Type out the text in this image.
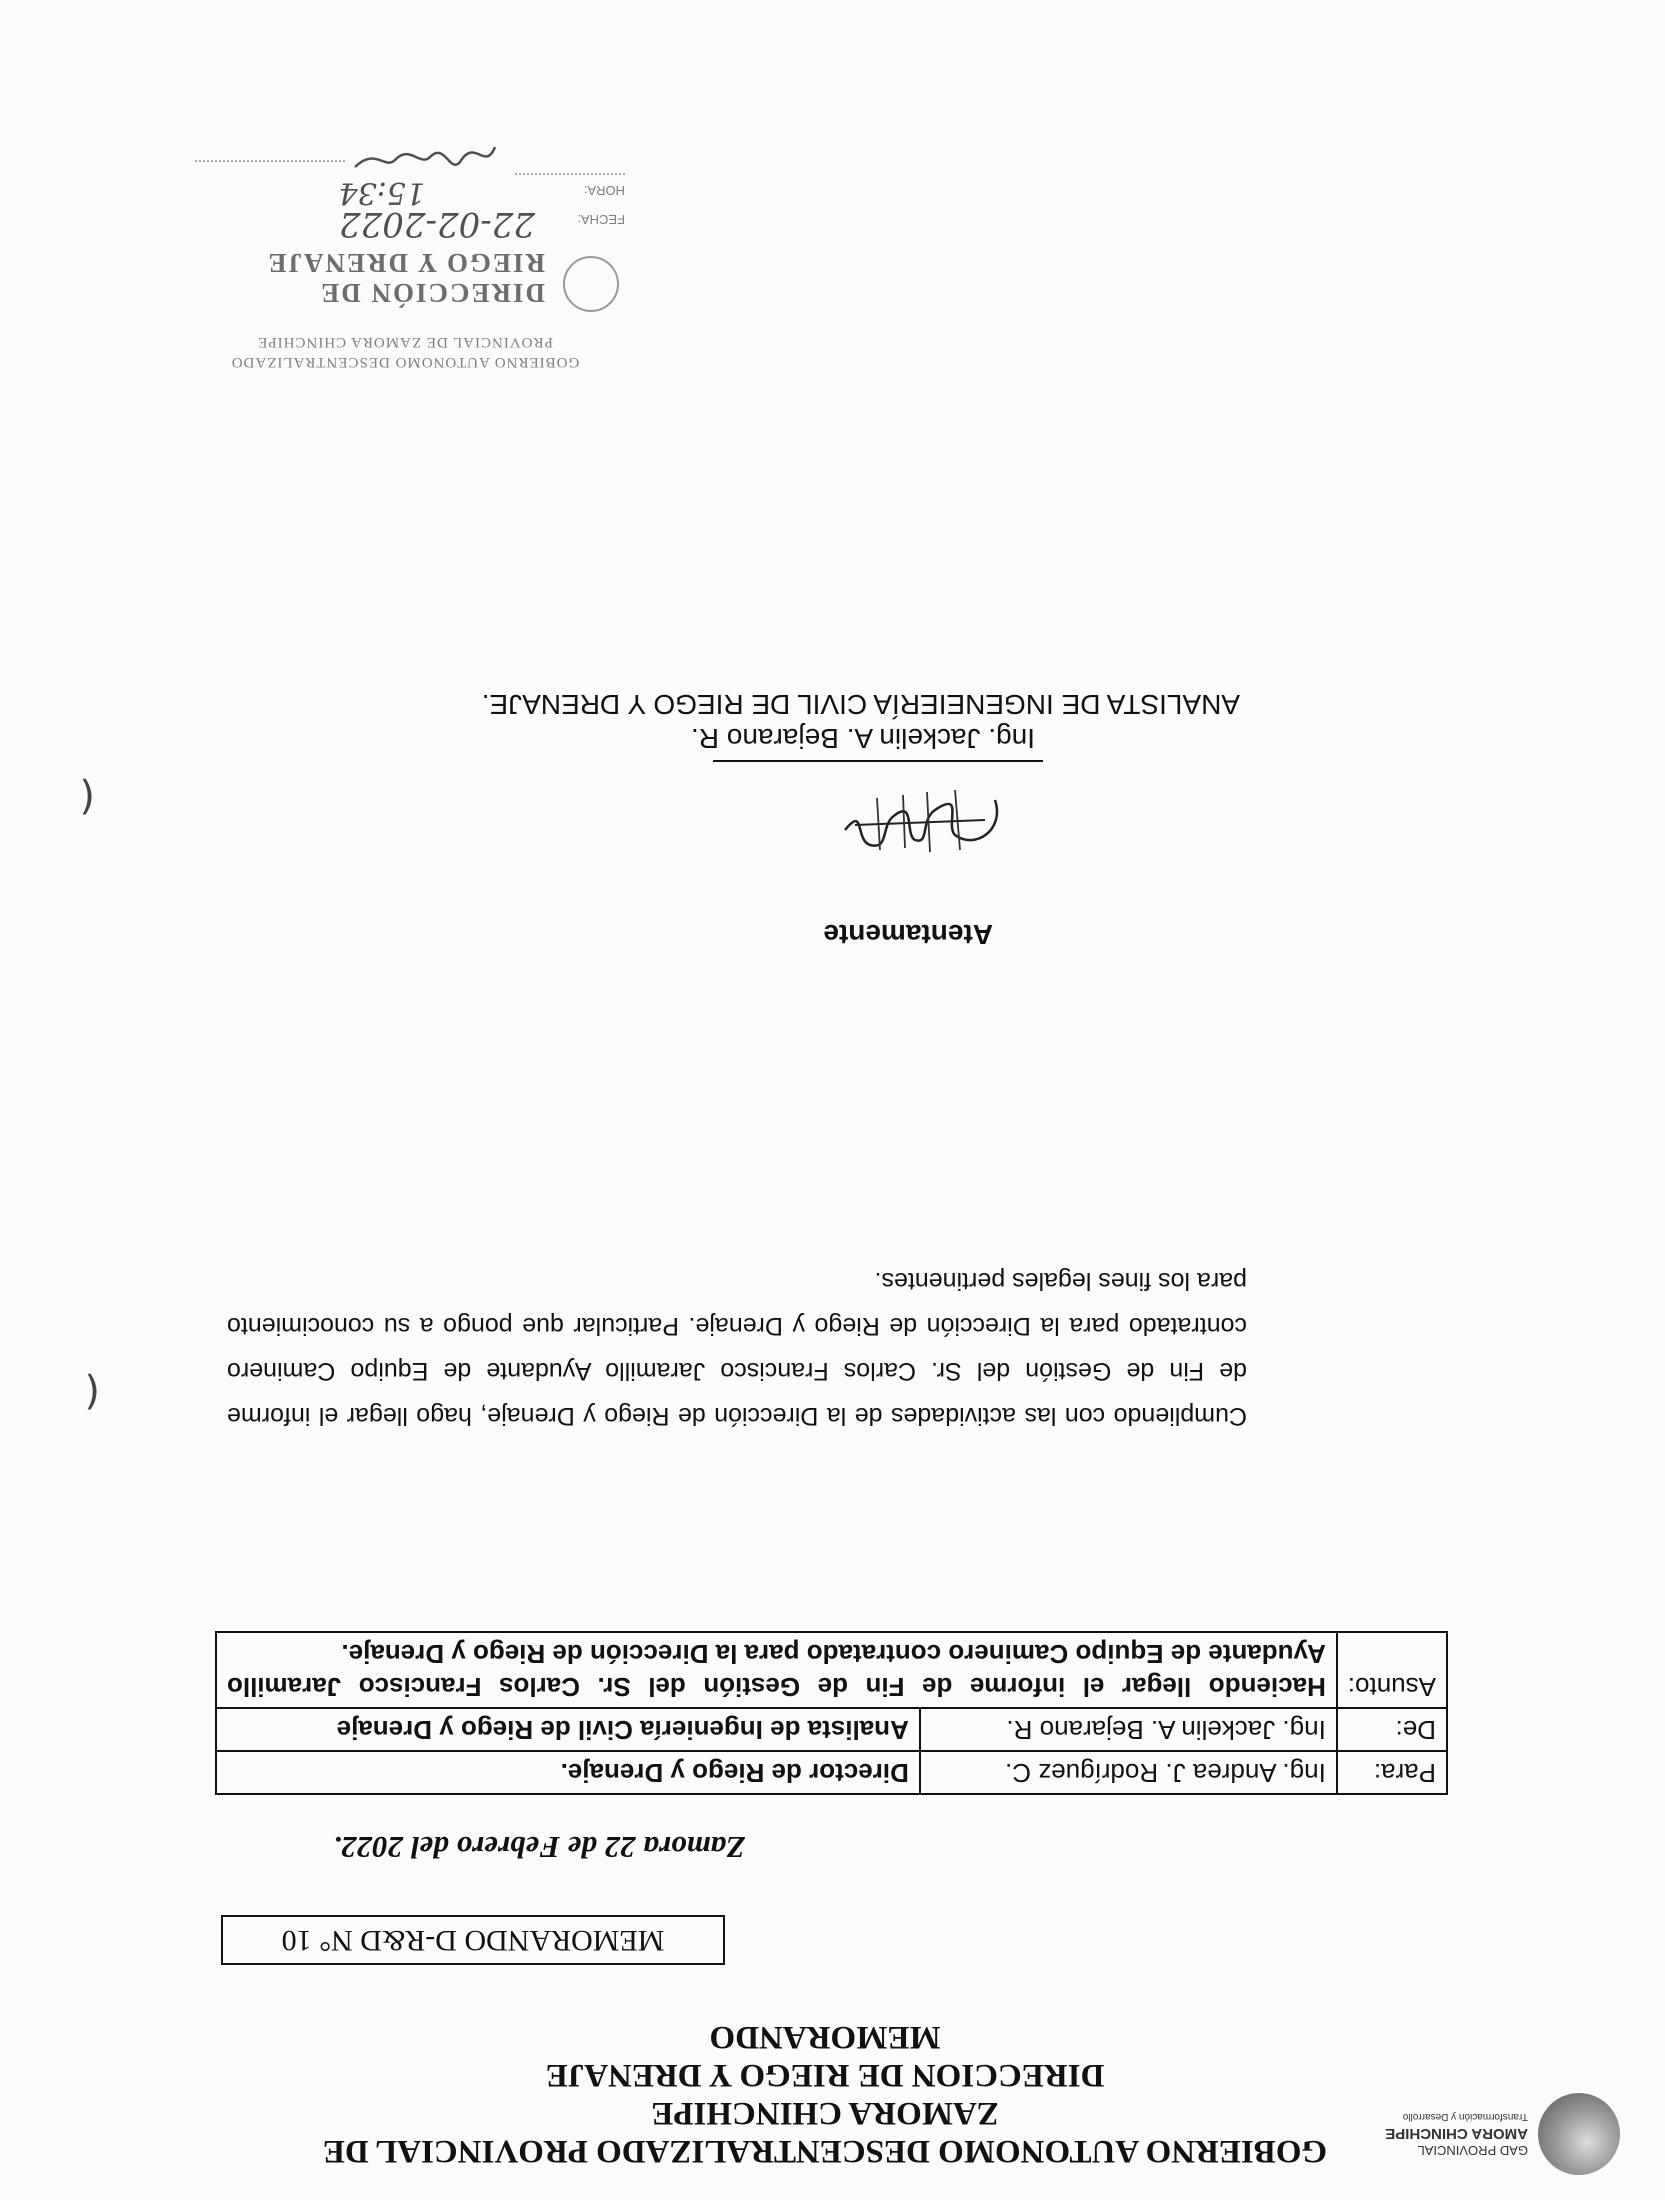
GAD PROVINCIAL
AMORA CHINCHIPE
Transformación y Desarrollo
GOBIERNO AUTONOMO DESCENTRALIZADO PROVINCIAL DE
ZAMORA CHINCHIPE
DIRECCION DE RIEGO Y DRENAJE
MEMORANDO
MEMORANDO D-R&D N° 10
Zamora 22 de Febrero del 2022.
Para:	Ing. Andrea J. Rodríguez C.	Director de Riego y Drenaje.
De:	Ing. Jackelin A. Bejarano R.	Analista de Ingeniería Civil de Riego y Drenaje
Asunto:	Haciendo llegar el informe de Fin de Gestión del Sr. Carlos Francisco Jaramillo Ayudante de Equipo Caminero contratado para la Dirección de Riego y Drenaje.	
Cumpliendo con las actividades de la Dirección de Riego y Drenaje, hago llegar el informe de Fin de Gestión del Sr. Carlos Francisco Jaramillo Ayudante de Equipo Caminero contratado para la Dirección de Riego y Drenaje. Particular que pongo a su conocimiento para los fines legales pertinentes.
Atentamente
Ing. Jackelin A. Bejarano R.
ANALISTA DE INGENEIERÍA CIVIL DE RIEGO Y DRENAJE.
GOBIERNO AUTONOMO DESCENTRALIZADO
PROVINCIAL DE ZAMORA CHINCHIPE
DIRECCIÓN DE
RIEGO Y DRENAJE
FECHA:
22-02-2022
HORA:
15:34
(
(
